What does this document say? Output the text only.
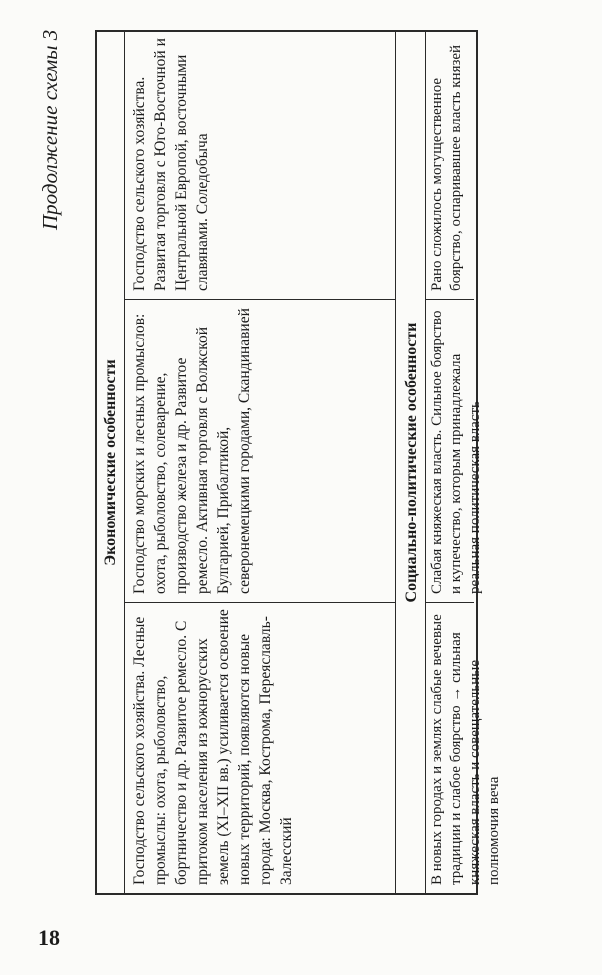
18
Продолжение схемы 3
Экономические особенности
Господство сельского хозяйства. Лесные промыслы: охота, рыболовство, бортничество и др. Развитое ремесло. С притоком населения из южнорусских земель (XI–XII вв.) усиливается освоение новых территорий, появляются новые города: Москва, Кострома, Переяславль-Залесский
Господство морских и лесных промыслов: охота, рыболовство, солеварение, производство железа и др. Развитое ремесло. Активная торговля с Волжской Булгарией, Прибалтикой, северонемецкими городами, Скандинавией
Господство сельского хозяйства. Развитая торговля с Юго-Восточной и Центральной Европой, восточными славянами. Соледобыча
Социально-политические особенности
В новых городах и землях слабые вечевые традиции и слабое боярство → сильная княжеская власть и совещательные полномочия веча
Слабая княжеская власть. Сильное боярство и купечество, которым принадлежала реальная политическая власть
Рано сложилось могущественное боярство, оспаривавшее власть князей
